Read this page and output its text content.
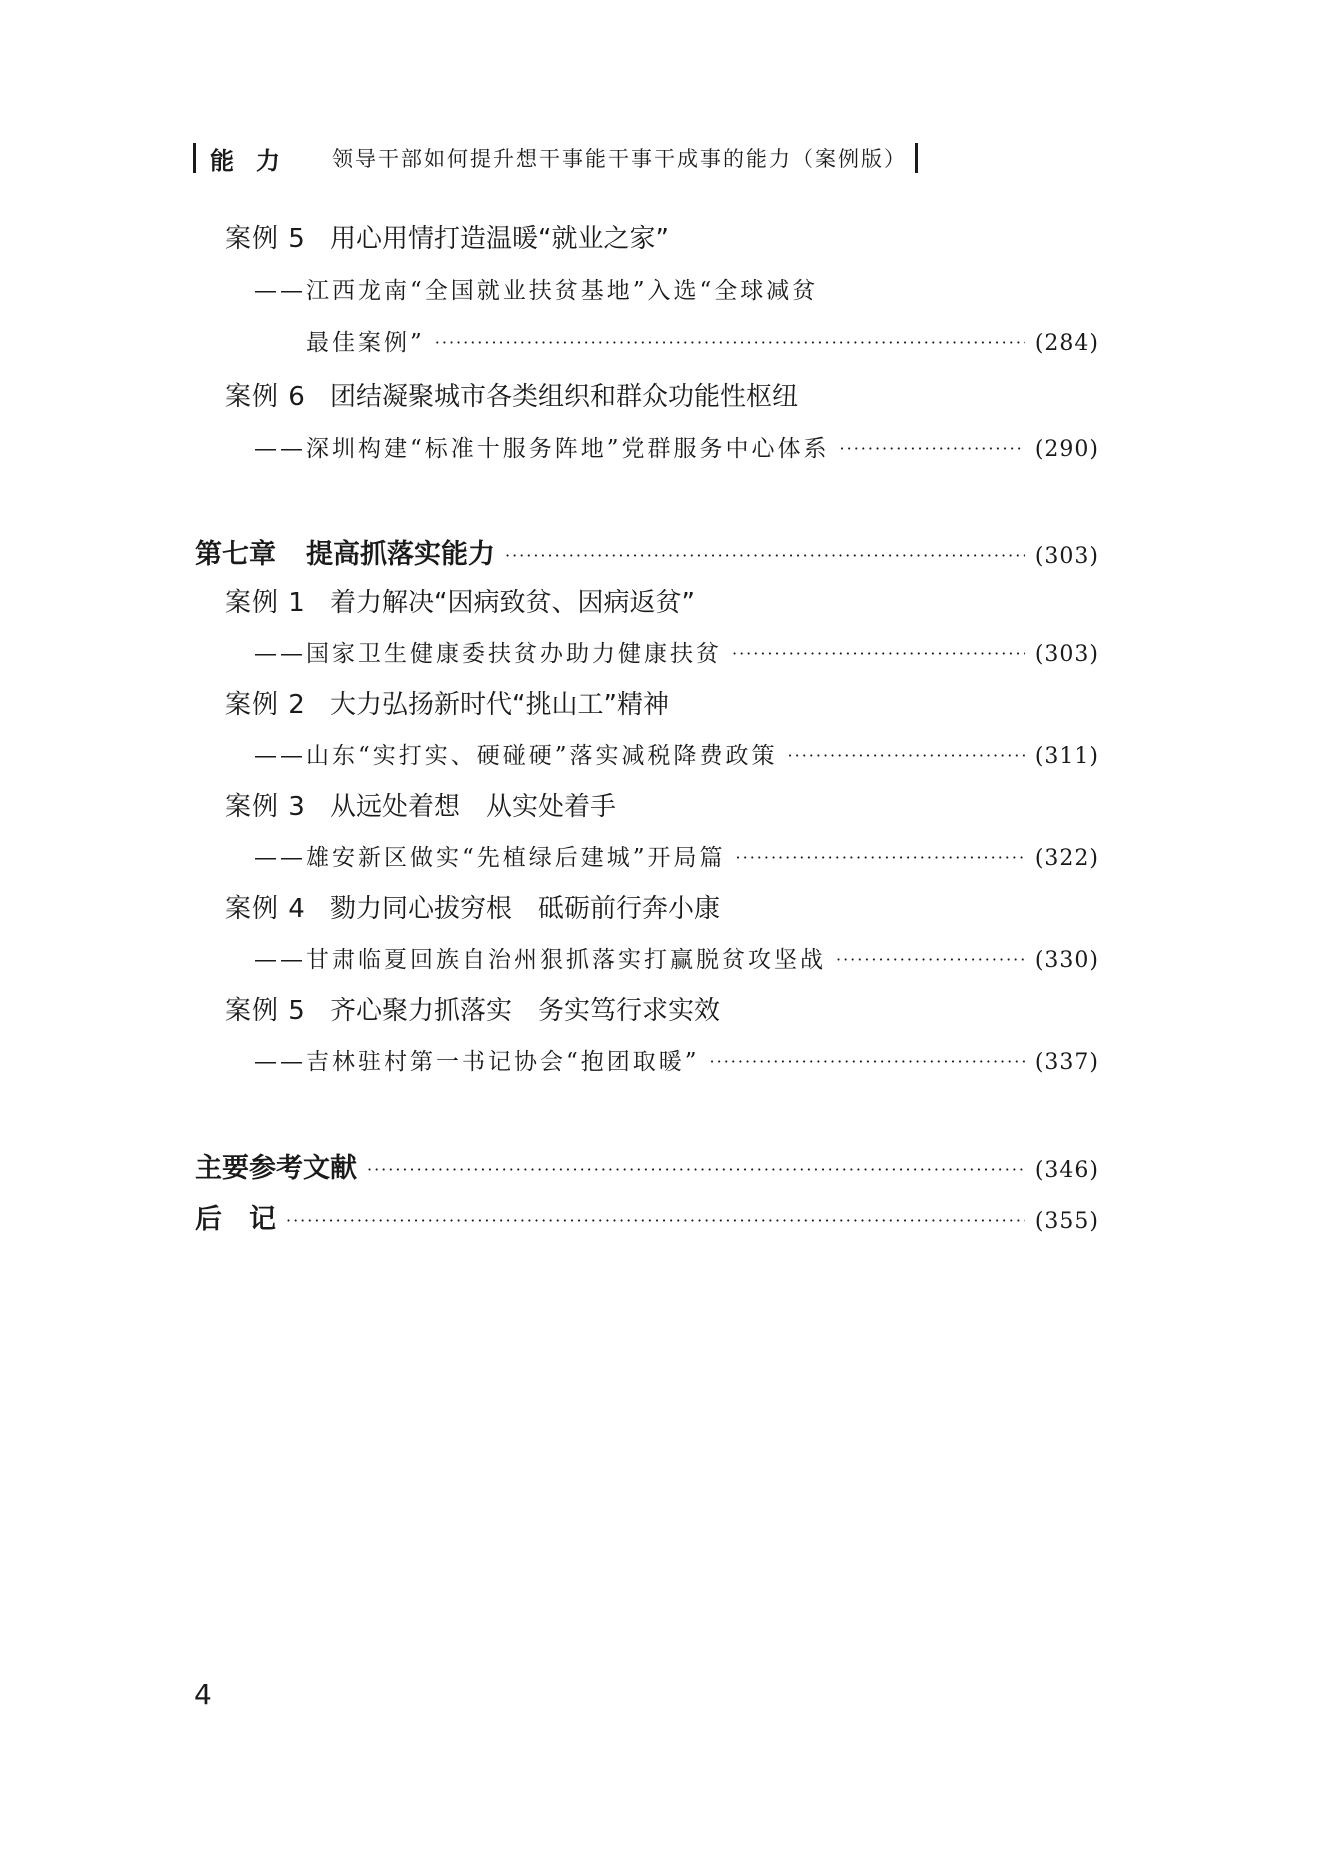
能力 领导干部如何提升想干事能干事干成事的能力（案例版）
案例 5 用心用情打造温暖“就业之家”
——江西龙南“全国就业扶贫基地”入选“全球减贫
最佳案例” ·····	(284)
案例 6 团结凝聚城市各类组织和群众功能性枢纽
——深圳构建“标准十服务阵地”党群服务中心体系 ·····	(290)
第七章 提高抓落实能力 ·····	(303)
案例 1 着力解决“因病致贫、因病返贫”
——国家卫生健康委扶贫办助力健康扶贫 ·····	(303)
案例 2 大力弘扬新时代“挑山工”精神
——山东“实打实、硬碰硬”落实减税降费政策 ·····	(311)
案例 3 从远处着想　从实处着手
——雄安新区做实“先植绿后建城”开局篇 ·····	(322)
案例 4 勠力同心拔穷根　砥砺前行奔小康
——甘肃临夏回族自治州狠抓落实打赢脱贫攻坚战 ·····	(330)
案例 5 齐心聚力抓落实　务实笃行求实效
——吉林驻村第一书记协会“抱团取暖” ·····	(337)
主要参考文献 ·····	(346)
后　记 ·····	(355)
4
